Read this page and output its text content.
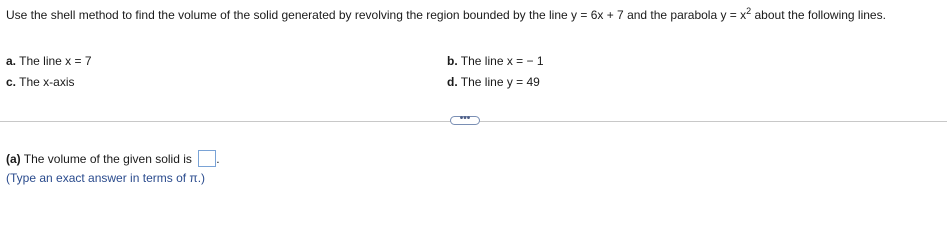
Use the shell method to find the volume of the solid generated by revolving the region bounded by the line y = 6x + 7 and the parabola $y = x^2$ about the following lines.
a. The line x = 7	b. The line x = − 1
c. The x-axis	d. The line y = 49
•••
(a) The volume of the given solid is .
(Type an exact answer in terms of π.)
